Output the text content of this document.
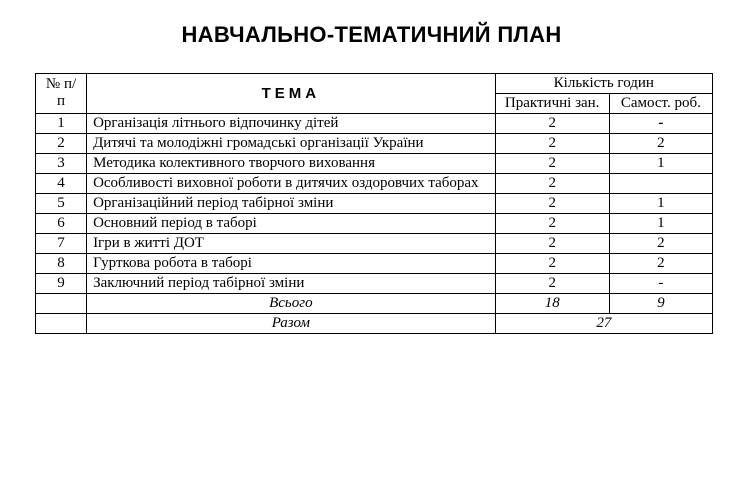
НАВЧАЛЬНО-ТЕМАТИЧНИЙ ПЛАН
№ п/п	ТЕМА	Кількість годин	
		Практичні зан.	Самост. роб.
1	Організація літнього відпочинку дітей	2	-
2	Дитячі та молодіжні громадські організації України	2	2
3	Методика колективного творчого виховання	2	1
4	Особливості виховної роботи в дитячих оздоровчих таборах	2	
5	Організаційний період табірної зміни	2	1
6	Основний період в таборі	2	1
7	Ігри в житті ДОТ	2	2
8	Гурткова робота в таборі	2	2
9	Заключний період табірної зміни	2	-
	Всього	18	9
	Разом	27	
